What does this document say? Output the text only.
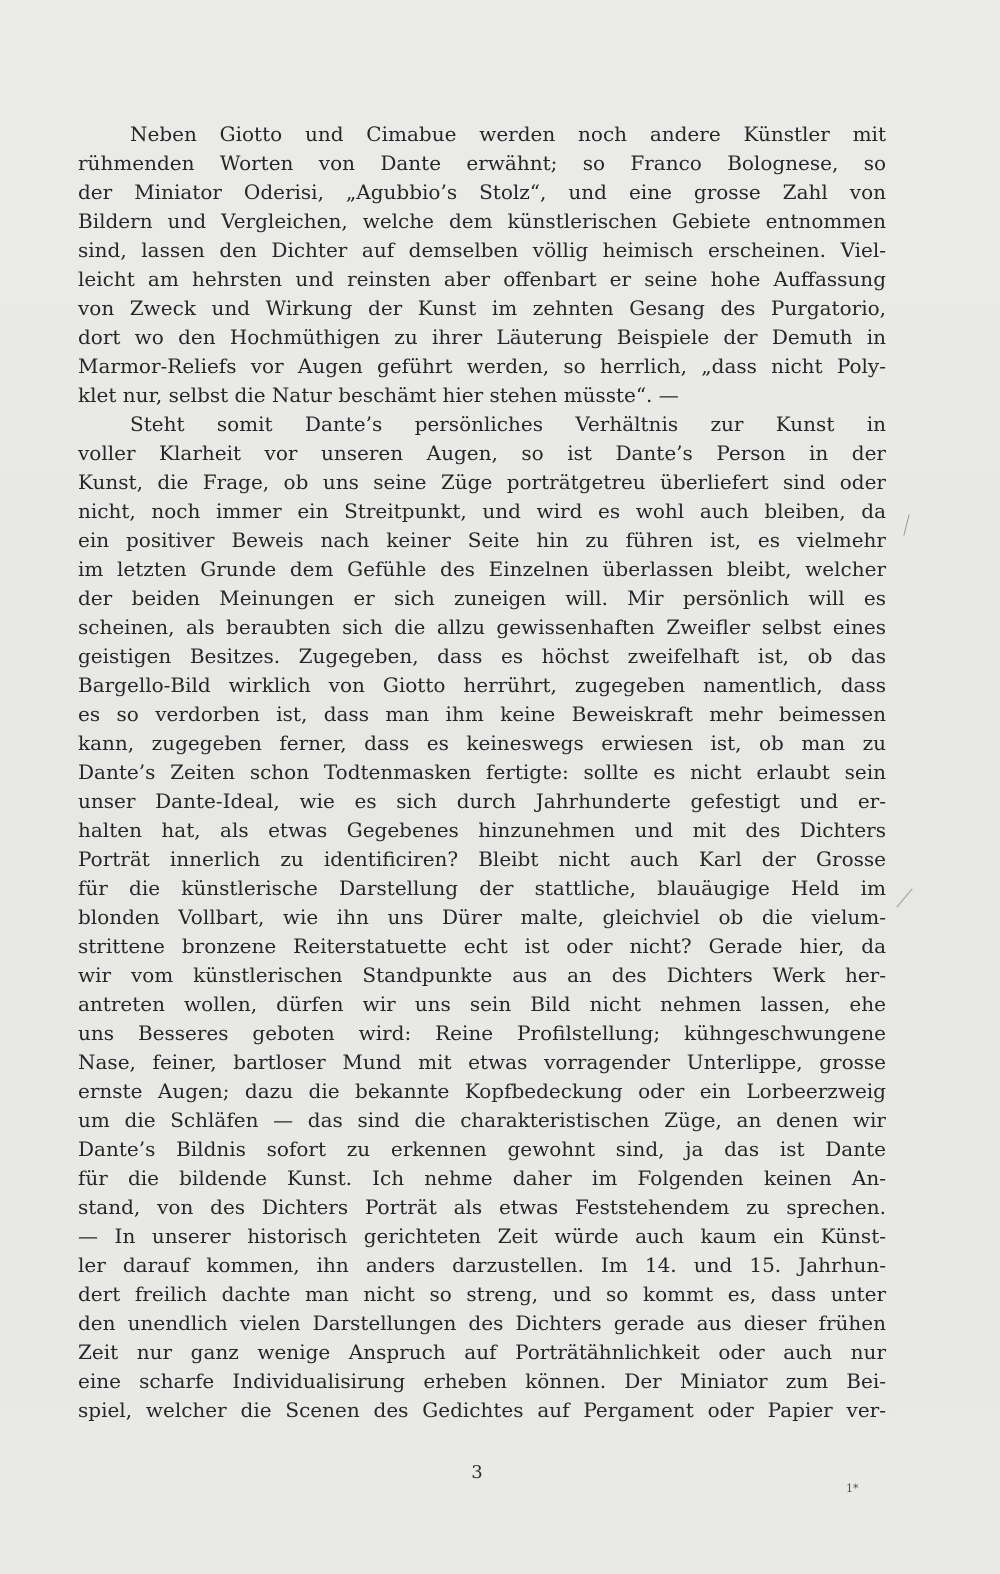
Neben Giotto und Cimabue werden noch andere Künstler mit
rühmenden Worten von Dante erwähnt; so Franco Bolognese, so
der Miniator Oderisi, „Agubbio’s Stolz“, und eine grosse Zahl von
Bildern und Vergleichen, welche dem künstlerischen Gebiete entnommen
sind, lassen den Dichter auf demselben völlig heimisch erscheinen. Viel-
leicht am hehrsten und reinsten aber offenbart er seine hohe Auffassung
von Zweck und Wirkung der Kunst im zehnten Gesang des Purgatorio,
dort wo den Hochmüthigen zu ihrer Läuterung Beispiele der Demuth in
Marmor-Reliefs vor Augen geführt werden, so herrlich, „dass nicht Poly-
klet nur, selbst die Natur beschämt hier stehen müsste“. —
Steht somit Dante’s persönliches Verhältnis zur Kunst in
voller Klarheit vor unseren Augen, so ist Dante’s Person in der
Kunst, die Frage, ob uns seine Züge porträtgetreu überliefert sind oder
nicht, noch immer ein Streitpunkt, und wird es wohl auch bleiben, da
ein positiver Beweis nach keiner Seite hin zu führen ist, es vielmehr
im letzten Grunde dem Gefühle des Einzelnen überlassen bleibt, welcher
der beiden Meinungen er sich zuneigen will. Mir persönlich will es
scheinen, als beraubten sich die allzu gewissenhaften Zweifler selbst eines
geistigen Besitzes. Zugegeben, dass es höchst zweifelhaft ist, ob das
Bargello-Bild wirklich von Giotto herrührt, zugegeben namentlich, dass
es so verdorben ist, dass man ihm keine Beweiskraft mehr beimessen
kann, zugegeben ferner, dass es keineswegs erwiesen ist, ob man zu
Dante’s Zeiten schon Todtenmasken fertigte: sollte es nicht erlaubt sein
unser Dante-Ideal, wie es sich durch Jahrhunderte gefestigt und er-
halten hat, als etwas Gegebenes hinzunehmen und mit des Dichters
Porträt innerlich zu identificiren? Bleibt nicht auch Karl der Grosse
für die künstlerische Darstellung der stattliche, blauäugige Held im
blonden Vollbart, wie ihn uns Dürer malte, gleichviel ob die vielum-
strittene bronzene Reiterstatuette echt ist oder nicht? Gerade hier, da
wir vom künstlerischen Standpunkte aus an des Dichters Werk her-
antreten wollen, dürfen wir uns sein Bild nicht nehmen lassen, ehe
uns Besseres geboten wird: Reine Profilstellung; kühngeschwungene
Nase, feiner, bartloser Mund mit etwas vorragender Unterlippe, grosse
ernste Augen; dazu die bekannte Kopfbedeckung oder ein Lorbeerzweig
um die Schläfen — das sind die charakteristischen Züge, an denen wir
Dante’s Bildnis sofort zu erkennen gewohnt sind, ja das ist Dante
für die bildende Kunst. Ich nehme daher im Folgenden keinen An-
stand, von des Dichters Porträt als etwas Feststehendem zu sprechen.
— In unserer historisch gerichteten Zeit würde auch kaum ein Künst-
ler darauf kommen, ihn anders darzustellen. Im 14. und 15. Jahrhun-
dert freilich dachte man nicht so streng, und so kommt es, dass unter
den unendlich vielen Darstellungen des Dichters gerade aus dieser frühen
Zeit nur ganz wenige Anspruch auf Porträtähnlichkeit oder auch nur
eine scharfe Individualisirung erheben können. Der Miniator zum Bei-
spiel, welcher die Scenen des Gedichtes auf Pergament oder Papier ver-
3
1*
